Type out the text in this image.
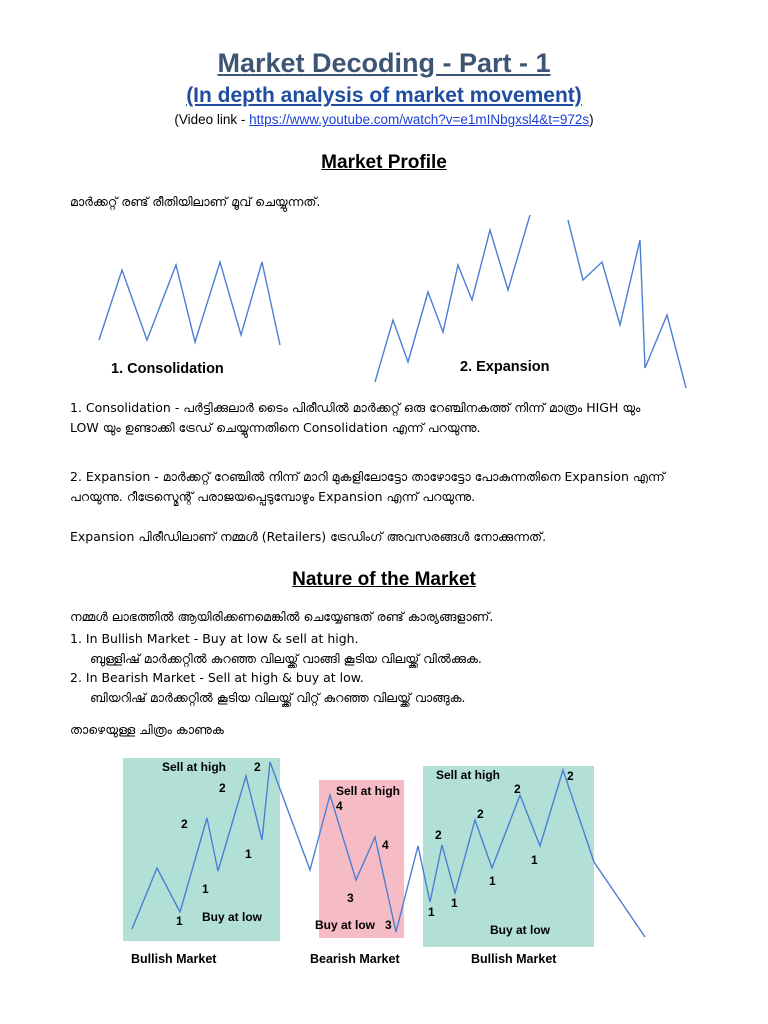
Market Decoding - Part - 1
(In depth analysis of market movement)
(Video link - https://www.youtube.com/watch?v=e1mINbgxsl4&t=972s)
Market Profile
മാർക്കറ്റ് രണ്ട് രീതിയിലാണ് മൂവ് ചെയ്യുന്നത്.
1. Consolidation	2. Expansion
1. Consolidation - പർട്ടിക്കുലാർ ടൈം പിരീഡിൽ മാർക്കറ്റ് ഒരു റേഞ്ചിനകത്ത് നിന്ന് മാത്രം HIGH യും LOW യും ഉണ്ടാക്കി ട്രേഡ് ചെയ്യുന്നതിനെ Consolidation എന്ന് പറയുന്നു.
2. Expansion - മാർക്കറ്റ് റേഞ്ചിൽ നിന്ന് മാറി മുകളിലോട്ടോ താഴോട്ടോ പോകുന്നതിനെ Expansion എന്ന് പറയുന്നു. റീട്രേസ്മെന്റ് പരാജയപ്പെടുമ്പോഴും Expansion എന്ന് പറയുന്നു.
Expansion പിരീഡിലാണ് നമ്മൾ (Retailers) ട്രേഡിംഗ് അവസരങ്ങൾ നോക്കുന്നത്.
Nature of the Market
നമ്മൾ ലാഭത്തിൽ ആയിരിക്കണമെങ്കിൽ ചെയ്യേണ്ടത് രണ്ട് കാര്യങ്ങളാണ്.
1. In Bullish Market - Buy at low & sell at high.
ബുള്ളിഷ് മാർക്കറ്റിൽ കുറഞ്ഞ വിലയ്ക്ക് വാങ്ങി കൂടിയ വിലയ്ക്ക് വിൽക്കുക.
2. In Bearish Market - Sell at high & buy at low.
ബിയറിഷ് മാർക്കറ്റിൽ കൂടിയ വിലയ്ക്ക് വിറ്റ് കുറഞ്ഞ വിലയ്ക്ക് വാങ്ങുക.
താഴെയുള്ള ചിത്രം കാണുക
Sell at high
Buy at low
Sell at high
Buy at low
Sell at high
Buy at low
2
2
2
1
1
1
4
4
3
3
2
2
2
2
1
1
1
1
Bullish Market	Bearish Market	Bullish Market
